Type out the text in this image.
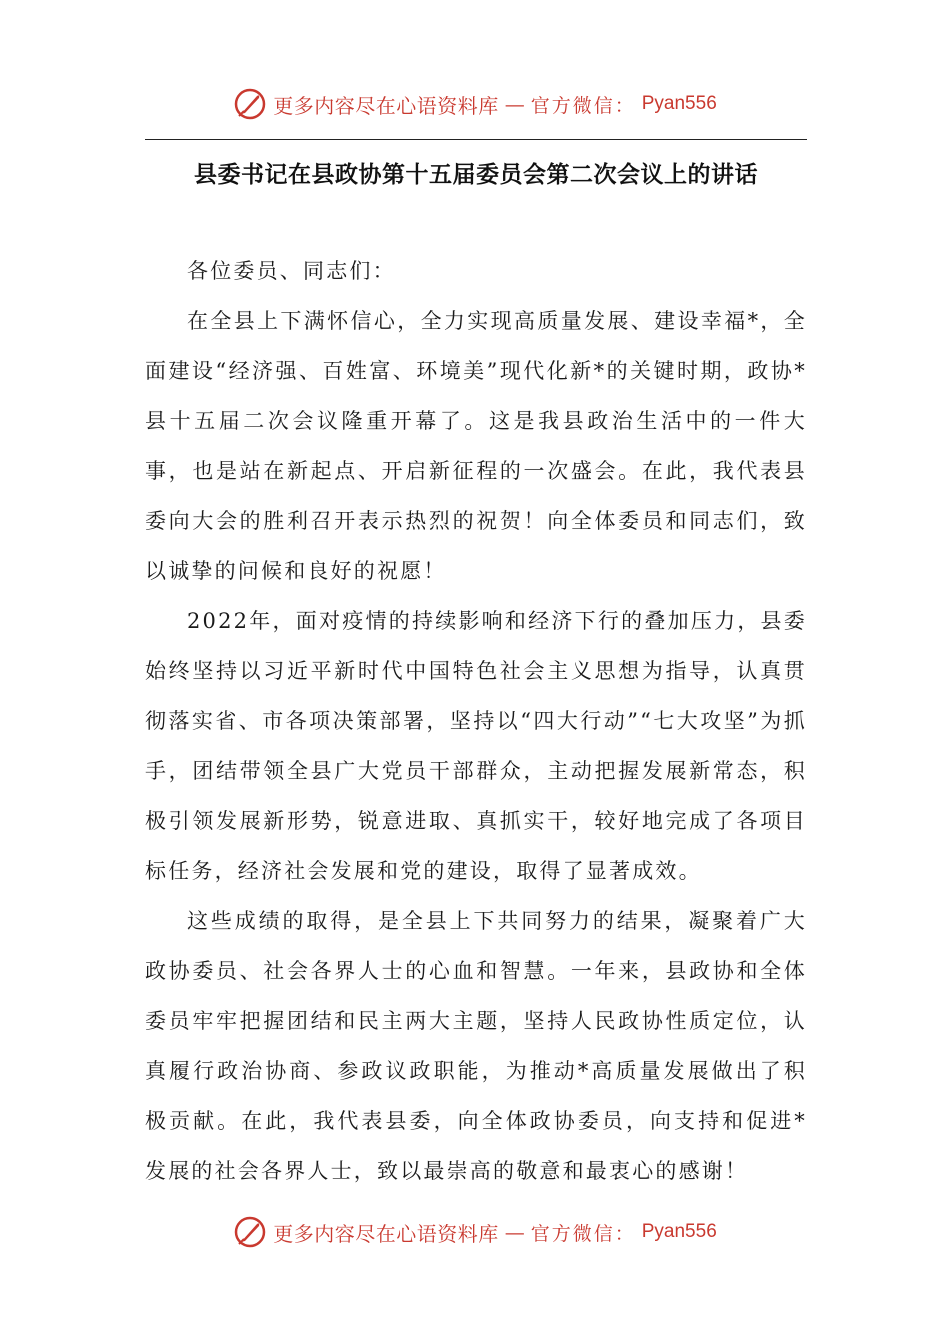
更多内容尽在心语资料库 — 官方微信： Pyan556
县委书记在县政协第十五届委员会第二次会议上的讲话

各位委员、同志们：

在全县上下满怀信心，全力实现高质量发展、建设幸福*，全面建设“经济强、百姓富、环境美”现代化新*的关键时期，政协*县十五届二次会议隆重开幕了。这是我县政治生活中的一件大事，也是站在新起点、开启新征程的一次盛会。在此，我代表县委向大会的胜利召开表示热烈的祝贺！向全体委员和同志们，致以诚挚的问候和良好的祝愿！

2022年，面对疫情的持续影响和经济下行的叠加压力，县委始终坚持以习近平新时代中国特色社会主义思想为指导，认真贯彻落实省、市各项决策部署，坚持以“四大行动”“七大攻坚”为抓手，团结带领全县广大党员干部群众，主动把握发展新常态，积极引领发展新形势，锐意进取、真抓实干，较好地完成了各项目标任务，经济社会发展和党的建设，取得了显著成效。

这些成绩的取得，是全县上下共同努力的结果，凝聚着广大政协委员、社会各界人士的心血和智慧。一年来，县政协和全体委员牢牢把握团结和民主两大主题，坚持人民政协性质定位，认真履行政治协商、参政议政职能，为推动*高质量发展做出了积极贡献。在此，我代表县委，向全体政协委员，向支持和促进*发展的社会各界人士，致以最崇高的敬意和最衷心的感谢！

更多内容尽在心语资料库 — 官方微信： Pyan556
